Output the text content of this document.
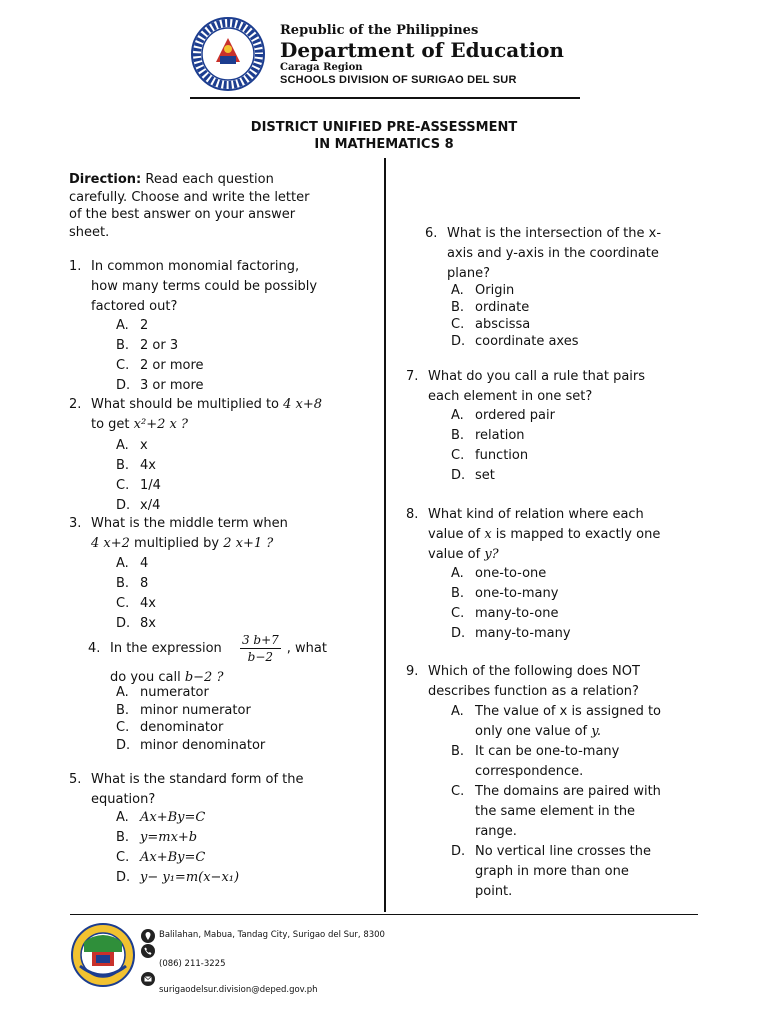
Republic of the Philippines
Department of Education
Caraga Region
SCHOOLS DIVISION OF SURIGAO DEL SUR
DISTRICT UNIFIED PRE-ASSESSMENT
IN MATHEMATICS 8
Direction: Read each question
carefully. Choose and write the letter
of the best answer on your answer
sheet.
1. In common monomial factoring,
how many terms could be possibly
factored out?
A. 2
B. 2 or 3
C. 2 or more
D. 3 or more
2. What should be multiplied to 4 x+8
to get x²+2 x ?
A. x
B. 4x
C. 1/4
D. x/4
3. What is the middle term when
4 x+2 multiplied by 2 x+1 ?
A. 4
B. 8
C. 4x
D. 8x
4. In the expression $\frac{3 b+7}{b-2}$ , what
do you call b−2 ?
A. numerator
B. minor numerator
C. denominator
D. minor denominator
5. What is the standard form of the
equation?
A. Ax+By=C
B. y=mx+b
C. Ax+By=C
D. y− y₁=m(x−x₁)
6. What is the intersection of the x-
axis and y-axis in the coordinate
plane?
A. Origin
B. ordinate
C. abscissa
D. coordinate axes
7. What do you call a rule that pairs
each element in one set?
A. ordered pair
B. relation
C. function
D. set
8. What kind of relation where each
value of x is mapped to exactly one
value of y?
A. one-to-one
B. one-to-many
C. many-to-one
D. many-to-many
9. Which of the following does NOT
describes function as a relation?
A. The value of x is assigned to
only one value of y.
B. It can be one-to-many
correspondence.
C. The domains are paired with
the same element in the
range.
D. No vertical line crosses the
graph in more than one
point.
Balilahan, Mabua, Tandag City, Surigao del Sur, 8300
(086) 211-3225
surigaodelsur.division@deped.gov.ph
